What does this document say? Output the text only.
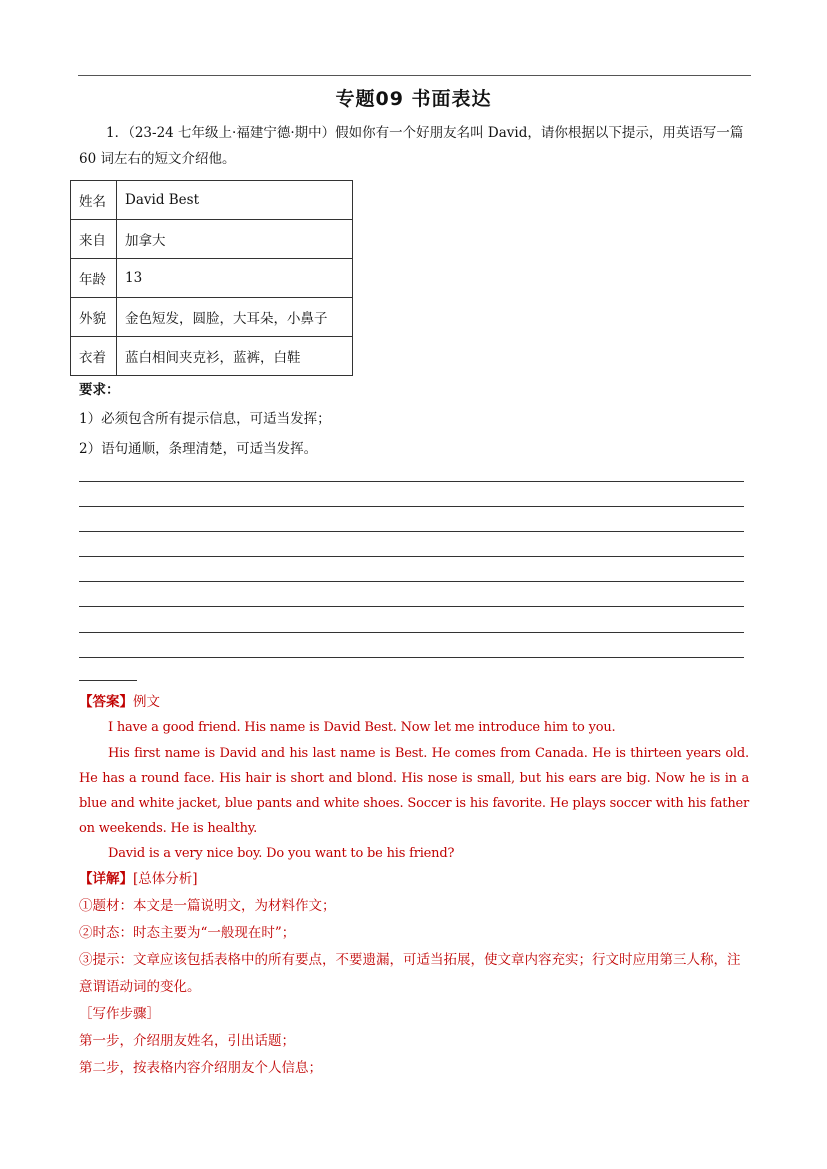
专题09 书面表达
1．（23-24 七年级上·福建宁德·期中）假如你有一个好朋友名叫 David，请你根据以下提示，用英语写一篇 60 词左右的短文介绍他。
姓名	David Best
来自	加拿大
年龄	13
外貌	金色短发，圆脸，大耳朵，小鼻子
衣着	蓝白相间夹克衫，蓝裤，白鞋
要求：
1）必须包含所有提示信息，可适当发挥；
2）语句通顺，条理清楚，可适当发挥。
【答案】例文
I have a good friend. His name is David Best. Now let me introduce him to you.
His first name is David and his last name is Best. He comes from Canada. He is thirteen years old. He has a round face. His hair is short and blond. His nose is small, but his ears are big. Now he is in a blue and white jacket, blue pants and white shoes. Soccer is his favorite. He plays soccer with his father on weekends. He is healthy.
David is a very nice boy. Do you want to be his friend?
【详解】[总体分析]
①题材：本文是一篇说明文，为材料作文；
②时态：时态主要为“一般现在时”；
③提示：文章应该包括表格中的所有要点，不要遗漏，可适当拓展，使文章内容充实；行文时应用第三人称，注意谓语动词的变化。
［写作步骤］
第一步，介绍朋友姓名，引出话题；
第二步，按表格内容介绍朋友个人信息；
